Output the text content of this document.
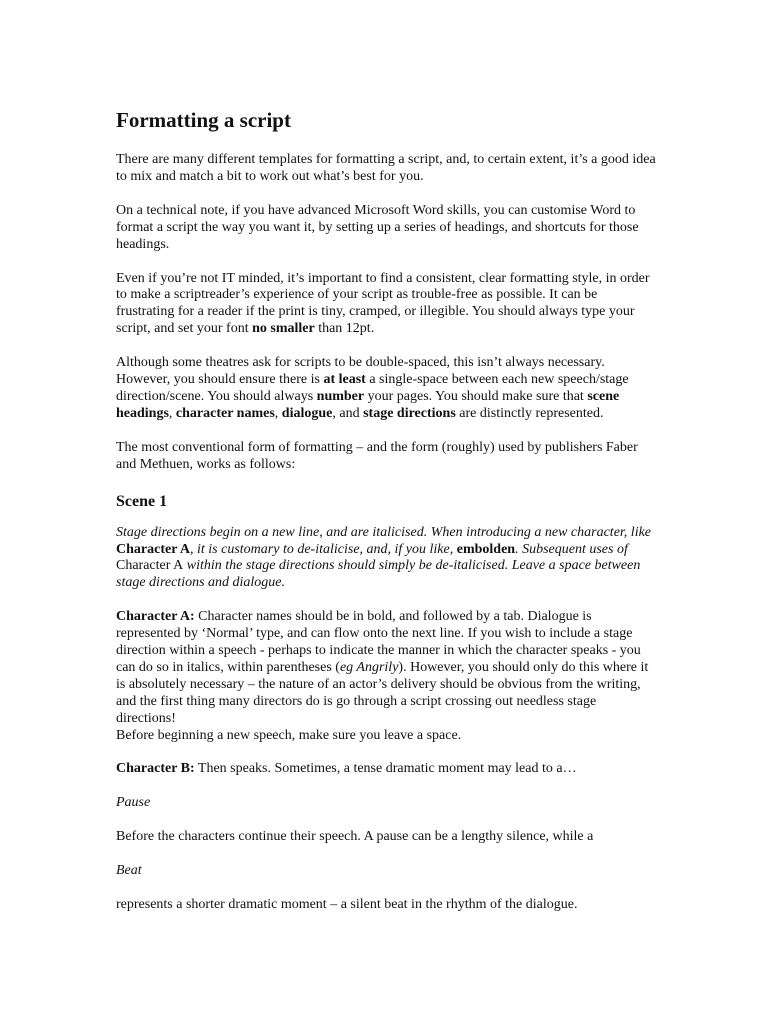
Formatting a script

There are many different templates for formatting a script, and, to certain extent, it’s a good idea to mix and match a bit to work out what’s best for you.

On a technical note, if you have advanced Microsoft Word skills, you can customise Word to format a script the way you want it, by setting up a series of headings, and shortcuts for those headings.

Even if you’re not IT minded, it’s important to find a consistent, clear formatting style, in order to make a scriptreader’s experience of your script as trouble-free as possible. It can be frustrating for a reader if the print is tiny, cramped, or illegible. You should always type your script, and set your font no smaller than 12pt.

Although some theatres ask for scripts to be double-spaced, this isn’t always necessary. However, you should ensure there is at least a single-space between each new speech/stage direction/scene. You should always number your pages. You should make sure that scene headings, character names, dialogue, and stage directions are distinctly represented.

The most conventional form of formatting – and the form (roughly) used by publishers Faber and Methuen, works as follows:

Scene 1

Stage directions begin on a new line, and are italicised. When introducing a new character, like Character A, it is customary to de-italicise, and, if you like, embolden. Subsequent uses of Character A within the stage directions should simply be de-italicised. Leave a space between stage directions and dialogue.

Character A: Character names should be in bold, and followed by a tab. Dialogue is represented by ‘Normal’ type, and can flow onto the next line. If you wish to include a stage direction within a speech - perhaps to indicate the manner in which the character speaks - you can do so in italics, within parentheses (eg Angrily). However, you should only do this where it is absolutely necessary – the nature of an actor’s delivery should be obvious from the writing, and the first thing many directors do is go through a script crossing out needless stage directions!

Before beginning a new speech, make sure you leave a space.

Character B: Then speaks. Sometimes, a tense dramatic moment may lead to a…

Pause

Before the characters continue their speech. A pause can be a lengthy silence, while a

Beat

represents a shorter dramatic moment – a silent beat in the rhythm of the dialogue.
